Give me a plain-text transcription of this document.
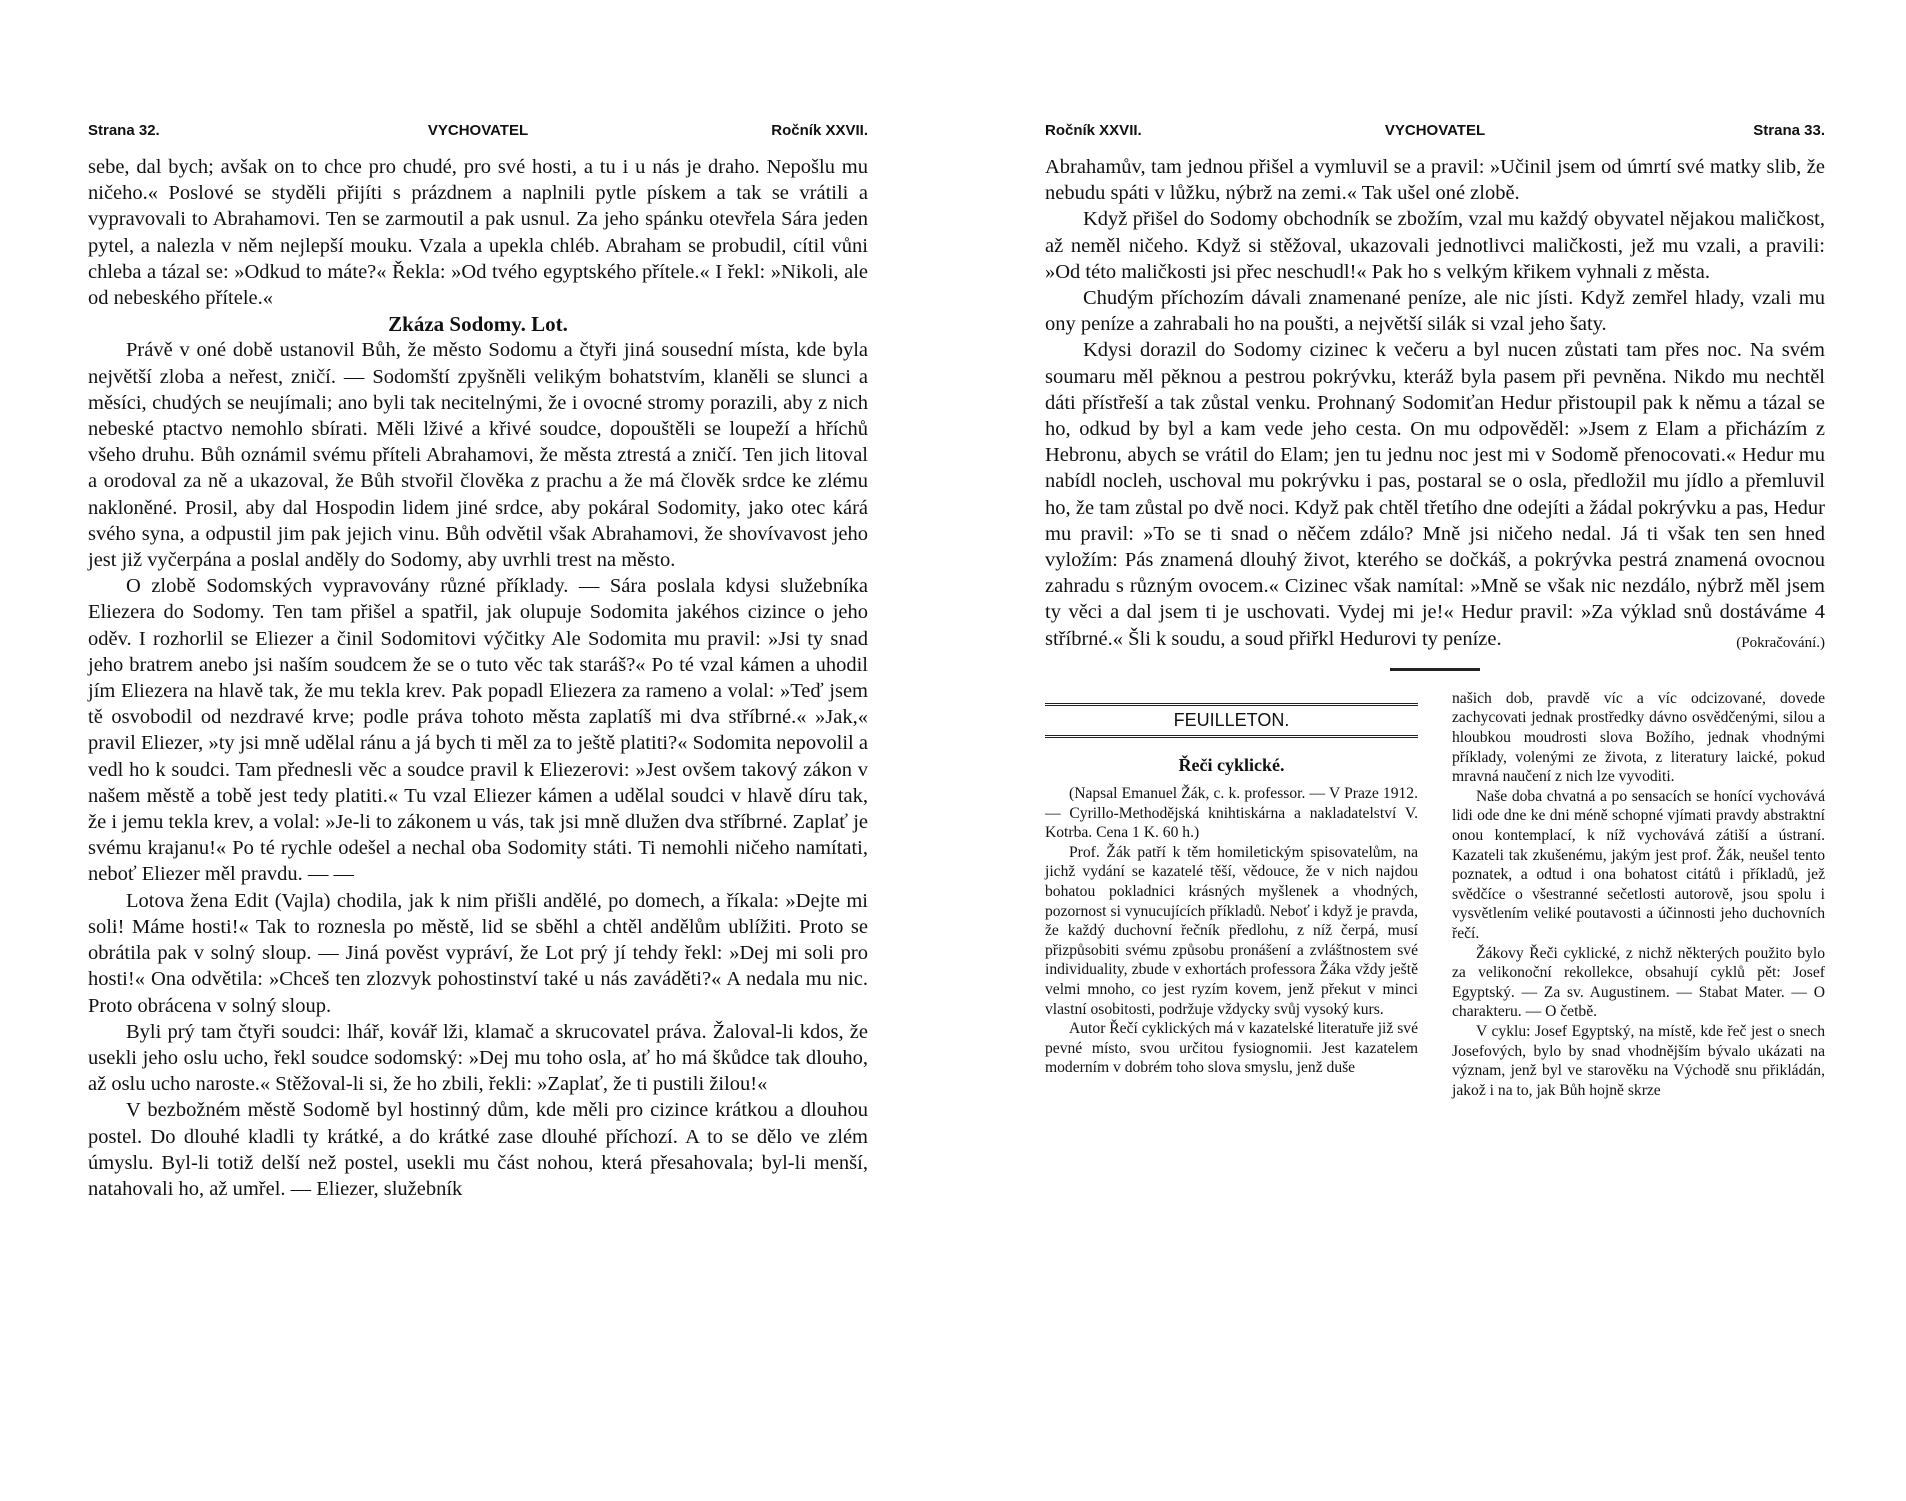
Strana 32.	VYCHOVATEL	Ročník XXVII.

sebe, dal bych; avšak on to chce pro chudé, pro své hosti, a tu i u nás je draho. Nepošlu mu ničeho.« Poslové se styděli přijíti s prázdnem a naplnili pytle pískem a tak se vrátili a vypravovali to Abrahamovi. Ten se zarmoutil a pak usnul. Za jeho spánku otevřela Sára jeden pytel, a nalezla v něm nejlepší mouku. Vzala a upekla chléb. Abraham se probudil, cítil vůni chleba a tázal se: »Odkud to máte?« Řekla: »Od tvého egyptského přítele.« I řekl: »Nikoli, ale od nebeského přítele.«

Zkáza Sodomy. Lot.

Právě v oné době ustanovil Bůh, že město Sodomu a čtyři jiná sousední místa, kde byla největší zloba a neřest, zničí. — Sodomští zpyšněli velikým bohatstvím, klaněli se slunci a měsíci, chudých se neujímali; ano byli tak necitelnými, že i ovocné stromy porazili, aby z nich nebeské ptactvo nemohlo sbírati. Měli lživé a křivé soudce, dopouštěli se loupeží a hříchů všeho druhu. Bůh oznámil svému příteli Abrahamovi, že města ztrestá a zničí. Ten jich litoval a orodoval za ně a ukazoval, že Bůh stvořil člověka z prachu a že má člověk srdce ke zlému nakloněné. Prosil, aby dal Hospodin lidem jiné srdce, aby pokáral Sodomity, jako otec kárá svého syna, a odpustil jim pak jejich vinu. Bůh odvětil však Abrahamovi, že shovívavost jeho jest již vyčerpána a poslal anděly do Sodomy, aby uvrhli trest na město.

O zlobě Sodomských vypravovány různé příklady. — Sára poslala kdysi služebníka Eliezera do Sodomy. Ten tam přišel a spatřil, jak olupuje Sodomita jakéhos cizince o jeho oděv. I rozhorlil se Eliezer a činil Sodomitovi výčitky Ale Sodomita mu pravil: »Jsi ty snad jeho bratrem anebo jsi naším soudcem že se o tuto věc tak staráš?« Po té vzal kámen a uhodil jím Eliezera na hlavě tak, že mu tekla krev. Pak popadl Eliezera za rameno a volal: »Teď jsem tě osvobodil od nezdravé krve; podle práva tohoto města zaplatíš mi dva stříbrné.« »Jak,« pravil Eliezer, »ty jsi mně udělal ránu a já bych ti měl za to ještě platiti?« Sodomita nepovolil a vedl ho k soudci. Tam přednesli věc a soudce pravil k Eliezerovi: »Jest ovšem takový zákon v našem městě a tobě jest tedy platiti.« Tu vzal Eliezer kámen a udělal soudci v hlavě díru tak, že i jemu tekla krev, a volal: »Je-li to zákonem u vás, tak jsi mně dlužen dva stříbrné. Zaplať je svému krajanu!« Po té rychle odešel a nechal oba Sodomity státi. Ti nemohli ničeho namítati, neboť Eliezer měl pravdu. — —

Lotova žena Edit (Vajla) chodila, jak k nim přišli andělé, po domech, a říkala: »Dejte mi soli! Máme hosti!« Tak to roznesla po městě, lid se sběhl a chtěl andělům ublížiti. Proto se obrátila pak v solný sloup. — Jiná pověst vypráví, že Lot prý jí tehdy řekl: »Dej mi soli pro hosti!« Ona odvětila: »Chceš ten zlozvyk pohostinství také u nás zaváděti?« A nedala mu nic. Proto obrácena v solný sloup.

Byli prý tam čtyři soudci: lhář, kovář lži, klamač a skrucovatel práva. Žaloval-li kdos, že usekli jeho oslu ucho, řekl soudce sodomský: »Dej mu toho osla, ať ho má škůdce tak dlouho, až oslu ucho naroste.« Stěžoval-li si, že ho zbili, řekli: »Zaplať, že ti pustili žilou!«

V bezbožném městě Sodomě byl hostinný dům, kde měli pro cizince krátkou a dlouhou postel. Do dlouhé kladli ty krátké, a do krátké zase dlouhé příchozí. A to se dělo ve zlém úmyslu. Byl-li totiž delší než postel, usekli mu část nohou, která přesahovala; byl-li menší, natahovali ho, až umřel. — Eliezer, služebník

Ročník XXVII.	VYCHOVATEL	Strana 33.

Abrahamův, tam jednou přišel a vymluvil se a pravil: »Učinil jsem od úmrtí své matky slib, že nebudu spáti v lůžku, nýbrž na zemi.« Tak ušel oné zlobě.

Když přišel do Sodomy obchodník se zbožím, vzal mu každý obyvatel nějakou maličkost, až neměl ničeho. Když si stěžoval, ukazovali jednotlivci maličkosti, jež mu vzali, a pravili: »Od této maličkosti jsi přec neschudl!« Pak ho s velkým křikem vyhnali z města.

Chudým příchozím dávali znamenané peníze, ale nic jísti. Když zemřel hlady, vzali mu ony peníze a zahrabali ho na poušti, a největší silák si vzal jeho šaty.

Kdysi dorazil do Sodomy cizinec k večeru a byl nucen zůstati tam přes noc. Na svém soumaru měl pěknou a pestrou pokrývku, kteráž byla pasem při pevněna. Nikdo mu nechtěl dáti přístřeší a tak zůstal venku. Prohnaný Sodomiťan Hedur přistoupil pak k němu a tázal se ho, odkud by byl a kam vede jeho cesta. On mu odpověděl: »Jsem z Elam a přicházím z Hebronu, abych se vrátil do Elam; jen tu jednu noc jest mi v Sodomě přenocovati.« Hedur mu nabídl nocleh, uschoval mu pokrývku i pas, postaral se o osla, předložil mu jídlo a přemluvil ho, že tam zůstal po dvě noci. Když pak chtěl třetího dne odejíti a žádal pokrývku a pas, Hedur mu pravil: »To se ti snad o něčem zdálo? Mně jsi ničeho nedal. Já ti však ten sen hned vyložím: Pás znamená dlouhý život, kterého se dočkáš, a pokrývka pestrá znamená ovocnou zahradu s různým ovocem.« Cizinec však namítal: »Mně se však nic nezdálo, nýbrž měl jsem ty věci a dal jsem ti je uschovati. Vydej mi je!« Hedur pravil: »Za výklad snů dostáváme 4 stříbrné.« Šli k soudu, a soud přiřkl Hedurovi ty peníze.	(Pokračování.)

FEUILLETON.
Řeči cyklické.

(Napsal Emanuel Žák, c. k. professor. — V Praze 1912. — Cyrillo-Methodějská knihtiskárna a nakladatelství V. Kotrba. Cena 1 K. 60 h.)

Prof. Žák patří k těm homiletickým spisovatelům, na jichž vydání se kazatelé těší, vědouce, že v nich najdou bohatou pokladnici krásných myšlenek a vhodných, pozornost si vynucujících příkladů. Neboť i když je pravda, že každý duchovní řečník předlohu, z níž čerpá, musí přizpůsobiti svému způsobu pronášení a zvláštnostem své individuality, zbude v exhortách professora Žáka vždy ještě velmi mnoho, co jest ryzím kovem, jenž překut v minci vlastní osobitosti, podržuje vždycky svůj vysoký kurs.

Autor Řečí cyklických má v kazatelské literatuře již své pevné místo, svou určitou fysiognomii. Jest kazatelem moderním v dobrém toho slova smyslu, jenž duše

našich dob, pravdě víc a víc odcizované, dovede zachycovati jednak prostředky dávno osvědčenými, silou a hloubkou moudrosti slova Božího, jednak vhodnými příklady, volenými ze života, z literatury laické, pokud mravná naučení z nich lze vyvoditi.

Naše doba chvatná a po sensacích se honící vychovává lidi ode dne ke dni méně schopné vjímati pravdy abstraktní onou kontemplací, k níž vychovává zátiší a ústraní. Kazateli tak zkušenému, jakým jest prof. Žák, neušel tento poznatek, a odtud i ona bohatost citátů i příkladů, jež svědčíce o všestranné sečetlosti autorově, jsou spolu i vysvětlením veliké poutavosti a účinnosti jeho duchovních řečí.

Žákovy Řeči cyklické, z nichž některých použito bylo za velikonoční rekollekce, obsahují cyklů pět: Josef Egyptský. — Za sv. Augustinem. — Stabat Mater. — O charakteru. — O četbě.

V cyklu: Josef Egyptský, na místě, kde řeč jest o snech Josefových, bylo by snad vhodnějším bývalo ukázati na význam, jenž byl ve starověku na Východě snu přikládán, jakož i na to, jak Bůh hojně skrze
